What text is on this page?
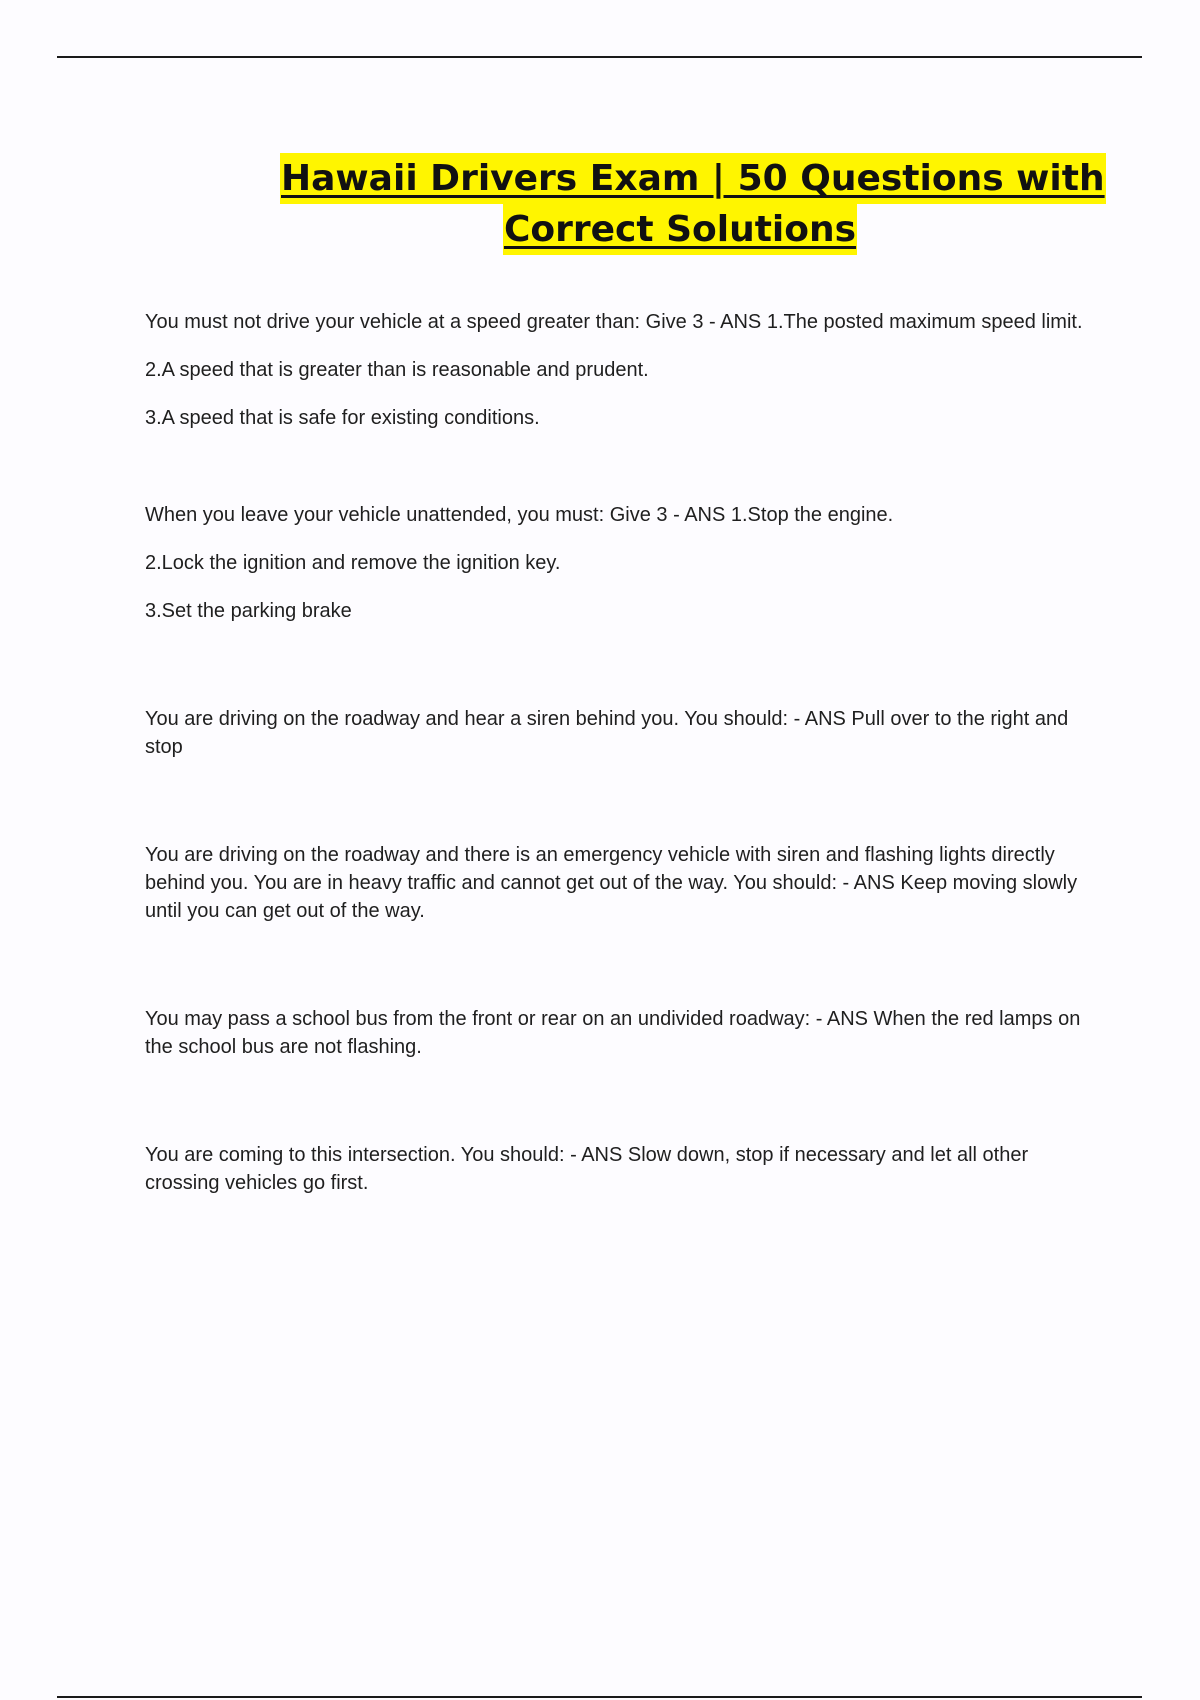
Hawaii Drivers Exam | 50 Questions with
Correct Solutions

You must not drive your vehicle at a speed greater than: Give 3 - ANS 1.The posted maximum speed limit.

2.A speed that is greater than is reasonable and prudent.

3.A speed that is safe for existing conditions.

When you leave your vehicle unattended, you must: Give 3 - ANS 1.Stop the engine.

2.Lock the ignition and remove the ignition key.

3.Set the parking brake

You are driving on the roadway and hear a siren behind you. You should: - ANS Pull over to the right and stop

You are driving on the roadway and there is an emergency vehicle with siren and flashing lights directly behind you. You are in heavy traffic and cannot get out of the way. You should: - ANS Keep moving slowly until you can get out of the way.

You may pass a school bus from the front or rear on an undivided roadway: - ANS When the red lamps on the school bus are not flashing.

You are coming to this intersection. You should: - ANS Slow down, stop if necessary and let all other crossing vehicles go first.
